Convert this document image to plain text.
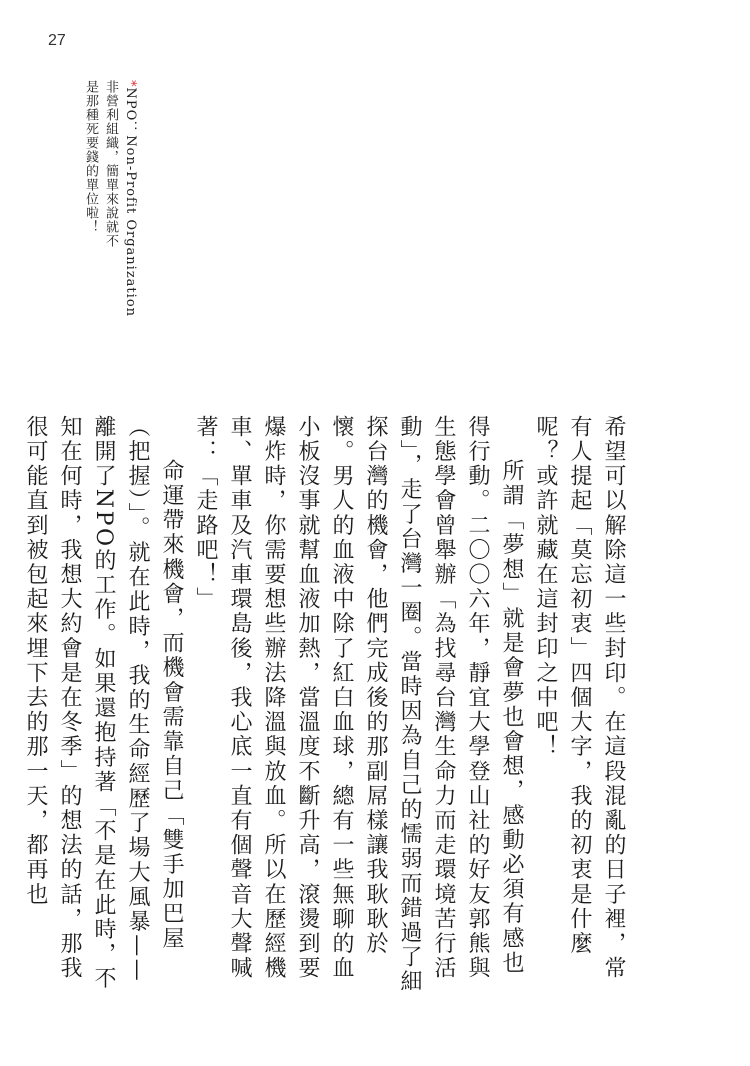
27
*NPO：Non-Profit Organization
非營利組織，簡單來說就不
是那種死要錢的單位啦！

希望可以解除這一些封印。在這段混亂的日子裡，常有人提起「莫忘初衷」四個大字，我的初衷是什麼呢？或許就藏在這封印之中吧！

所謂「夢想」就是會夢也會想，感動必須有感也得行動。二〇〇六年，靜宜大學登山社的好友郭熊與生態學會曾舉辦「為找尋台灣生命力而走環境苦行活動」，走了台灣一圈。當時因為自己的懦弱而錯過了細探台灣的機會，他們完成後的那副屌樣讓我耿耿於懷。男人的血液中除了紅白血球，總有一些無聊的血小板沒事就幫血液加熱，當溫度不斷升高，滾燙到要爆炸時，你需要想些辦法降溫與放血。所以在歷經機車、單車及汽車環島後，我心底一直有個聲音大聲喊著：「走路吧！」

命運帶來機會，而機會需靠自己「雙手加巴屋（把握）」。就在此時，我的生命經歷了場大風暴——離開了NPO的工作。如果還抱持著「不是在此時，不知在何時，我想大約會是在冬季」的想法的話，那我很可能直到被包起來埋下去的那一天，都再也
